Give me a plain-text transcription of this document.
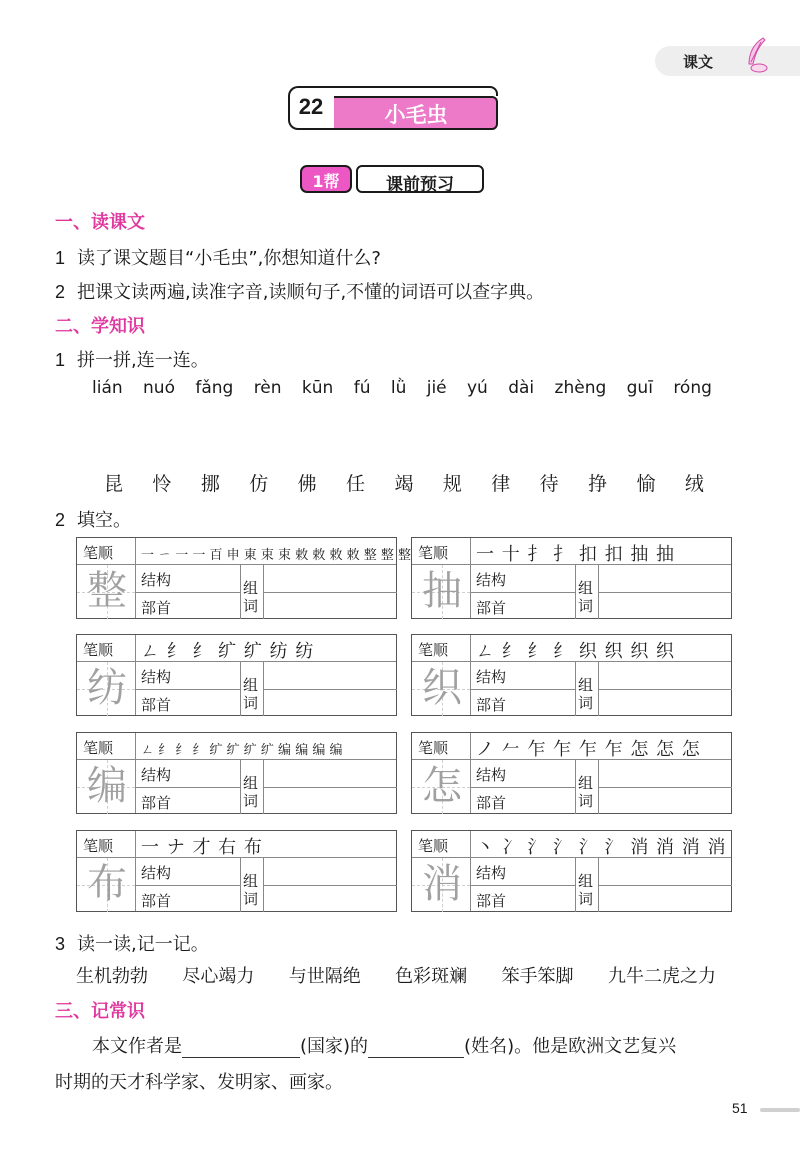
课文
22	小毛虫
1帮	课前预习
一、读课文
1 读了课文题目“小毛虫”,你想知道什么?
2 把课文读两遍,读准字音,读顺句子,不懂的词语可以查字典。
二、学知识
1 拼一拼,连一连。
lián nuó fǎng rèn kūn fú lǜ jié yú dài zhèng guī róng
昆 怜 挪 仿 佛 任 竭 规 律 待 挣 愉 绒
2 填空。
笔顺 一 ㄧ 一 一 百 申 東 束 束 敕 敕 敕 敕 整 整 整
整 结构
部首
组
词
笔顺 一 十 扌 扌 扣 扣 抽 抽
抽 结构
部首
组
词
笔顺 ㄥ 纟 纟 纩 纩 纺 纺
纺 结构
部首
组
词
笔顺 ㄥ 纟 纟 纟 织 织 织 织
织 结构
部首
组
词
笔顺 ㄥ 纟 纟 纟 纩 纩 纩 纩 编 编 编 编
编 结构
部首
组
词
笔顺 ノ 𠂉 乍 乍 乍 乍 怎 怎 怎
怎 结构
部首
组
词
笔顺 一 ナ 才 右 布
布 结构
部首
组
词
笔顺 丶 冫 氵 氵 氵 氵 消 消 消 消
消 结构
部首
组
词
3 读一读,记一记。
生机勃勃 尽心竭力 与世隔绝 色彩斑斓 笨手笨脚 九牛二虎之力
三、记常识
本文作者是	(国家)的	(姓名)。他是欧洲文艺复兴
时期的天才科学家、发明家、画家。
51
